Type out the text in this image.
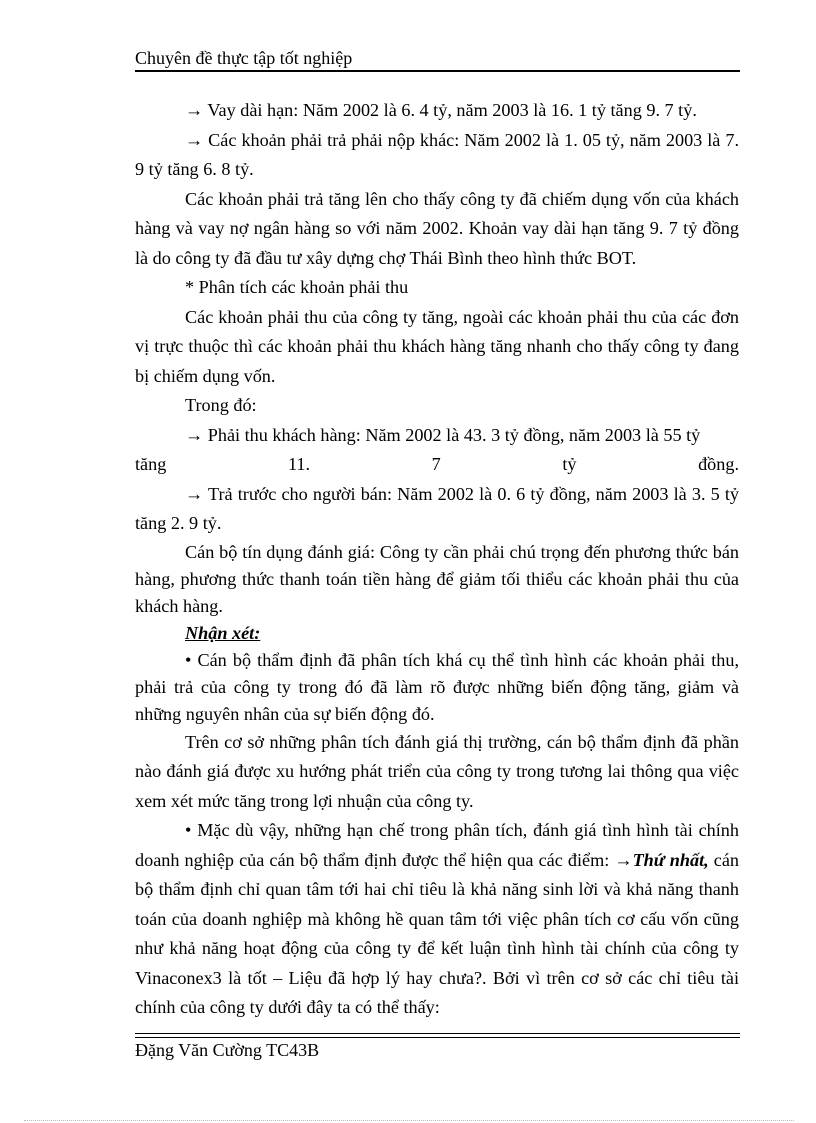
Chuyên đề thực tập tốt nghiệp

→ Vay dài hạn: Năm 2002 là 6. 4 tỷ, năm 2003 là 16. 1 tỷ tăng 9. 7 tỷ.

→ Các khoản phải trả phải nộp khác: Năm 2002 là 1. 05 tỷ, năm 2003 là 7. 9 tỷ tăng 6. 8 tỷ.

Các khoản phải trả tăng lên cho thấy công ty đã chiếm dụng vốn của khách hàng và vay nợ ngân hàng so với năm 2002. Khoản vay dài hạn tăng 9. 7 tỷ đồng là do công ty đã đầu tư xây dựng chợ Thái Bình theo hình thức BOT.

* Phân tích các khoản phải thu

Các khoản phải thu của công ty tăng, ngoài các khoản phải thu của các đơn vị trực thuộc thì các khoản phải thu khách hàng tăng nhanh cho thấy công ty đang bị chiếm dụng vốn.

Trong đó:

→ Phải thu khách hàng: Năm 2002 là 43. 3 tỷ đồng, năm 2003 là 55 tỷ

tăng	11.	7	tỷ	đồng.

→ Trả trước cho người bán: Năm 2002 là 0. 6 tỷ đồng, năm 2003 là 3. 5 tỷ tăng 2. 9 tỷ.

Cán bộ tín dụng đánh giá: Công ty cần phải chú trọng đến phương thức bán hàng, phương thức thanh toán tiền hàng để giảm tối thiểu các khoản phải thu của khách hàng.

Nhận xét:

• Cán bộ thẩm định đã phân tích khá cụ thể tình hình các khoản phải thu, phải trả của công ty trong đó đã làm rõ được những biến động tăng, giảm và những nguyên nhân của sự biến động đó.

Trên cơ sở những phân tích đánh giá thị trường, cán bộ thẩm định đã phần nào đánh giá được xu hướng phát triển của công ty trong tương lai thông qua việc xem xét mức tăng trong lợi nhuận của công ty.

• Mặc dù vậy, những hạn chế trong phân tích, đánh giá tình hình tài chính doanh nghiệp của cán bộ thẩm định được thể hiện qua các điểm: →Thứ nhất, cán bộ thẩm định chỉ quan tâm tới hai chỉ tiêu là khả năng sinh lời và khả năng thanh toán của doanh nghiệp mà không hề quan tâm tới việc phân tích cơ cấu vốn cũng như khả năng hoạt động của công ty để kết luận tình hình tài chính của công ty Vinaconex3 là tốt – Liệu đã hợp lý hay chưa?. Bởi vì trên cơ sở các chỉ tiêu tài chính của công ty dưới đây ta có thể thấy:

Đặng Văn Cường TC43B
